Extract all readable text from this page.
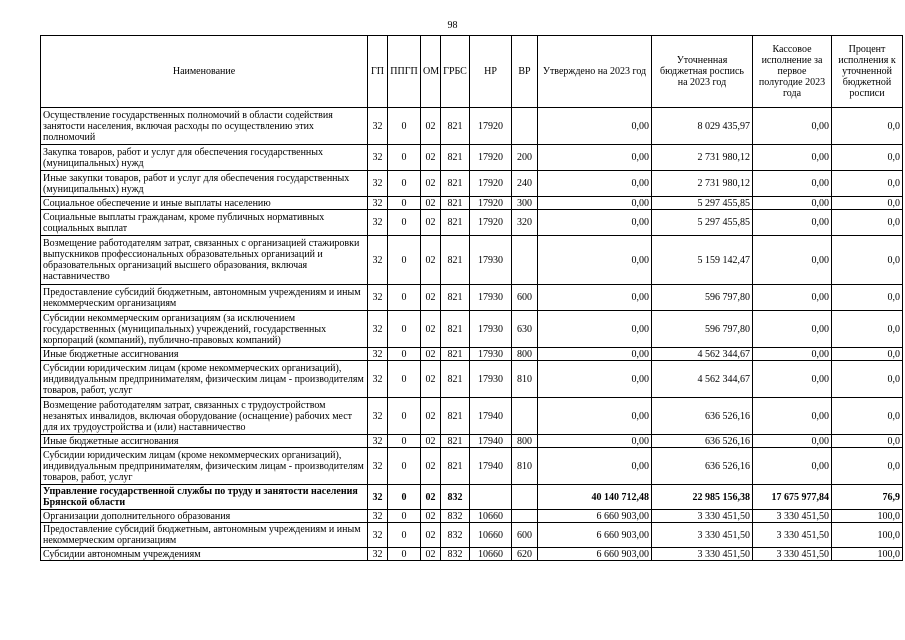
98
Наименование	ГП	ППГП	ОМ	ГРБС	НР	ВР	Утверждено на 2023 год	Уточненная бюджетная роспись на 2023 год	Кассовое исполнение за первое полугодие 2023 года	Процент исполнения к уточненной бюджетной росписи
Осуществление государственных полномочий в области содействия занятости населения, включая расходы по осуществлению этих полномочий	32	0	02	821	17920		0,00	8 029 435,97	0,00	0,0
Закупка товаров, работ и услуг для обеспечения государственных (муниципальных) нужд	32	0	02	821	17920	200	0,00	2 731 980,12	0,00	0,0
Иные закупки товаров, работ и услуг для обеспечения государственных (муниципальных) нужд	32	0	02	821	17920	240	0,00	2 731 980,12	0,00	0,0
Социальное обеспечение и иные выплаты населению	32	0	02	821	17920	300	0,00	5 297 455,85	0,00	0,0
Социальные выплаты гражданам, кроме публичных нормативных социальных выплат	32	0	02	821	17920	320	0,00	5 297 455,85	0,00	0,0
Возмещение работодателям затрат, связанных с организацией стажировки выпускников профессиональных образовательных организаций и образовательных организаций высшего образования, включая наставничество	32	0	02	821	17930		0,00	5 159 142,47	0,00	0,0
Предоставление субсидий бюджетным, автономным учреждениям и иным некоммерческим организациям	32	0	02	821	17930	600	0,00	596 797,80	0,00	0,0
Субсидии некоммерческим организациям (за исключением государственных (муниципальных) учреждений, государственных корпораций (компаний), публично-правовых компаний)	32	0	02	821	17930	630	0,00	596 797,80	0,00	0,0
Иные бюджетные ассигнования	32	0	02	821	17930	800	0,00	4 562 344,67	0,00	0,0
Субсидии юридическим лицам (кроме некоммерческих организаций), индивидуальным предпринимателям, физическим лицам - производителям товаров, работ, услуг	32	0	02	821	17930	810	0,00	4 562 344,67	0,00	0,0
Возмещение работодателям затрат, связанных с трудоустройством незанятых инвалидов, включая оборудование (оснащение) рабочих мест для их трудоустройства и (или) наставничество	32	0	02	821	17940		0,00	636 526,16	0,00	0,0
Иные бюджетные ассигнования	32	0	02	821	17940	800	0,00	636 526,16	0,00	0,0
Субсидии юридическим лицам (кроме некоммерческих организаций), индивидуальным предпринимателям, физическим лицам - производителям товаров, работ, услуг	32	0	02	821	17940	810	0,00	636 526,16	0,00	0,0
Управление государственной службы по труду и занятости населения Брянской области	32	0	02	832			40 140 712,48	22 985 156,38	17 675 977,84	76,9
Организации дополнительного образования	32	0	02	832	10660		6 660 903,00	3 330 451,50	3 330 451,50	100,0
Предоставление субсидий бюджетным, автономным учреждениям и иным некоммерческим организациям	32	0	02	832	10660	600	6 660 903,00	3 330 451,50	3 330 451,50	100,0
Субсидии автономным учреждениям	32	0	02	832	10660	620	6 660 903,00	3 330 451,50	3 330 451,50	100,0
